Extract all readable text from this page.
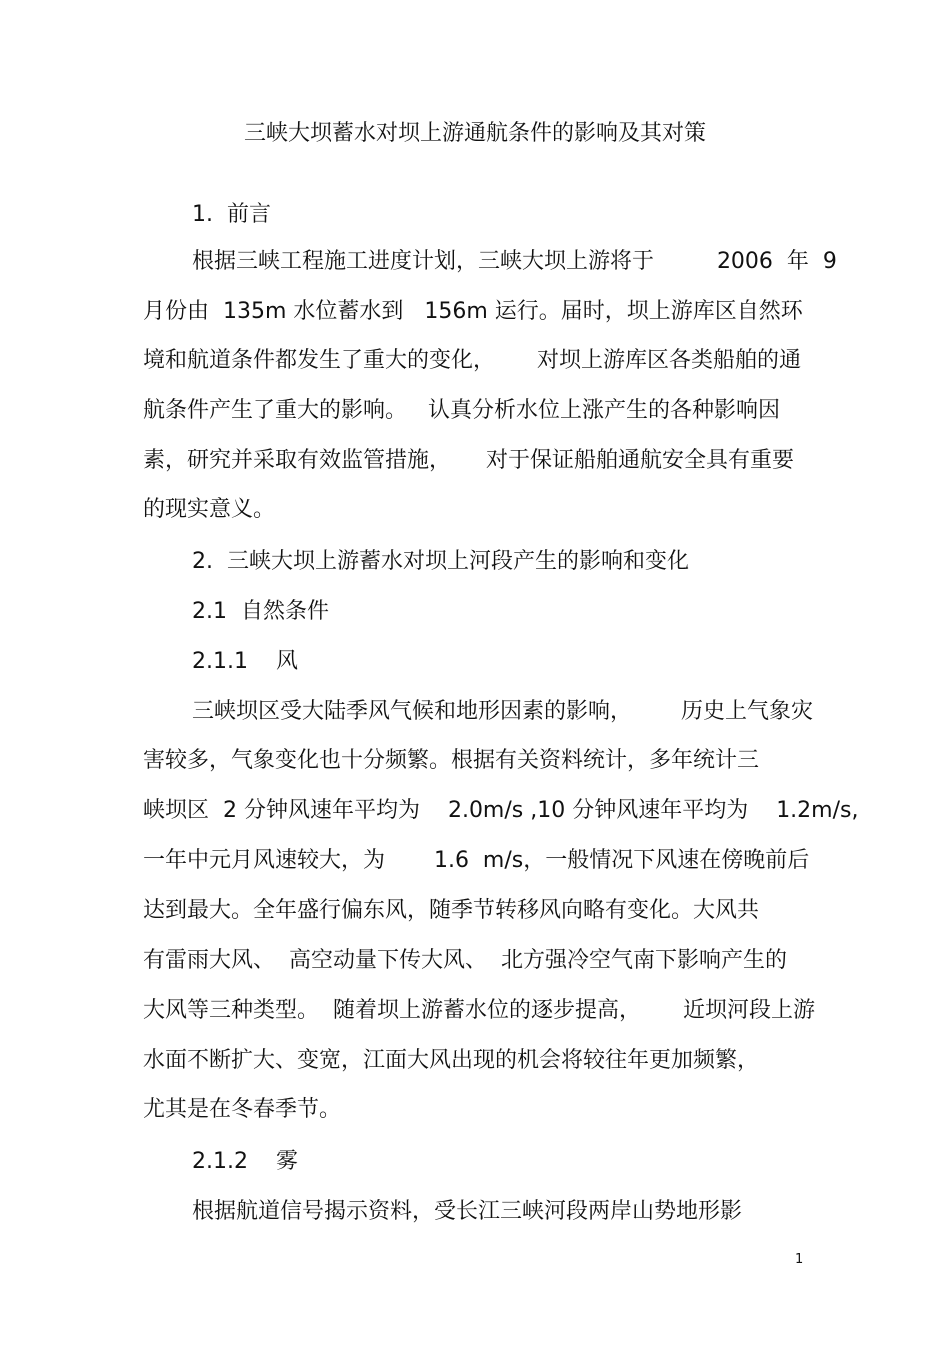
三峡大坝蓄水对坝上游通航条件的影响及其对策
1.  前言
根据三峡工程施工进度计划，三峡大坝上游将于         2006  年  9
月份由  135m 水位蓄水到   156m 运行。届时，坝上游库区自然环
境和航道条件都发生了重大的变化，      对坝上游库区各类船舶的通
航条件产生了重大的影响。   认真分析水位上涨产生的各种影响因
素，研究并采取有效监管措施，     对于保证船舶通航安全具有重要
的现实意义。
2.  三峡大坝上游蓄水对坝上河段产生的影响和变化
2.1  自然条件
2.1.1    风
三峡坝区受大陆季风气候和地形因素的影响，       历史上气象灾
害较多，气象变化也十分频繁。根据有关资料统计，多年统计三
峡坝区  2 分钟风速年平均为    2.0m/s ,10 分钟风速年平均为    1.2m/s,
一年中元月风速较大，为       1.6  m/s，一般情况下风速在傍晚前后
达到最大。全年盛行偏东风，随季节转移风向略有变化。大风共
有雷雨大风、  高空动量下传大风、  北方强冷空气南下影响产生的
大风等三种类型。  随着坝上游蓄水位的逐步提高，      近坝河段上游
水面不断扩大、变宽，江面大风出现的机会将较往年更加频繁，
尤其是在冬春季节。
2.1.2    雾
根据航道信号揭示资料，受长江三峡河段两岸山势地形影
1
